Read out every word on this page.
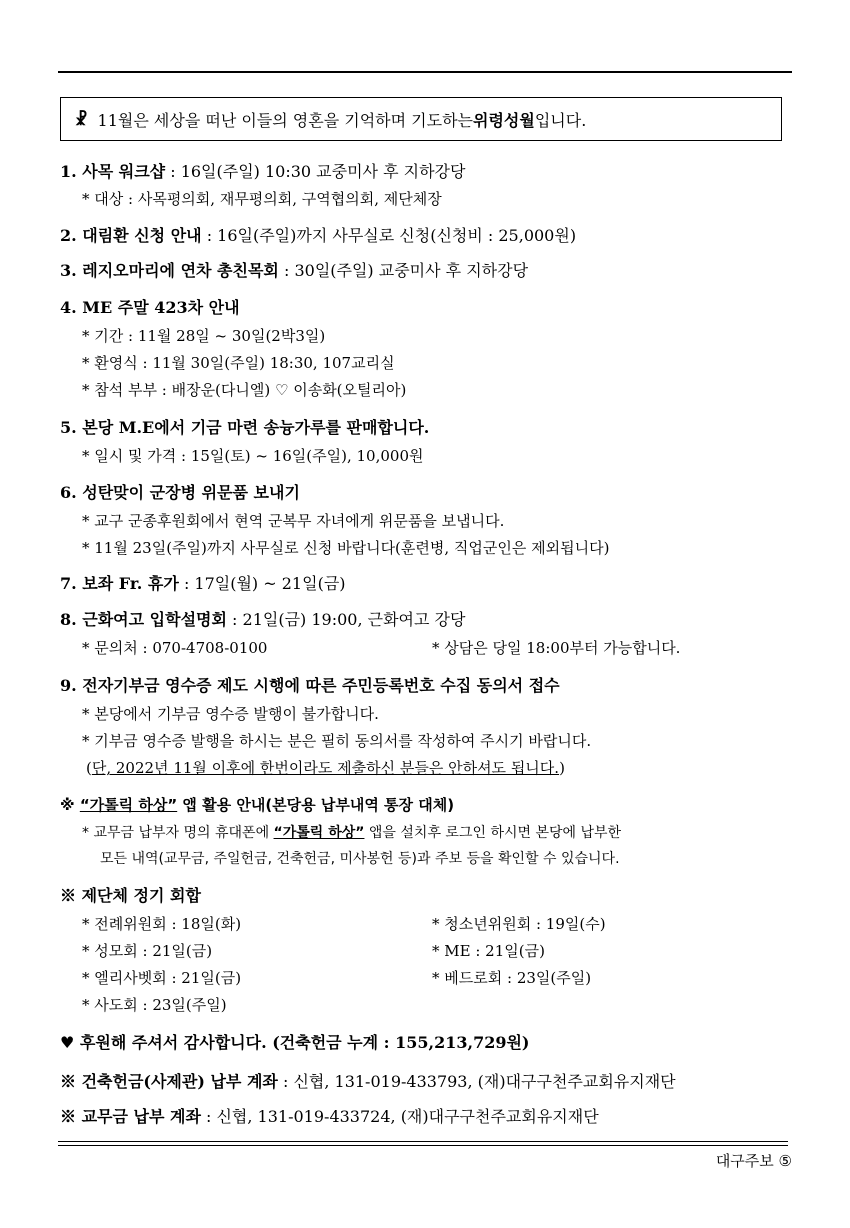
☧ 11월은 세상을 떠난 이들의 영혼을 기억하며 기도하는 위령성월 입니다.
1. 사목 워크샵 : 16일(주일) 10:30 교중미사 후 지하강당
* 대상 : 사목평의회, 재무평의회, 구역협의회, 제단체장
2. 대림환 신청 안내 : 16일(주일)까지 사무실로 신청(신청비 : 25,000원)
3. 레지오마리에 연차 총친목회 : 30일(주일) 교중미사 후 지하강당
4. ME 주말 423차 안내
* 기간 : 11월 28일 ~ 30일(2박3일)
* 환영식 : 11월 30일(주일) 18:30, 107교리실
* 참석 부부 : 배장운(다니엘) ♡ 이송화(오틸리아)
5. 본당 M.E에서 기금 마련 송늉가루를 판매합니다.
* 일시 및 가격 : 15일(토) ~ 16일(주일), 10,000원
6. 성탄맞이 군장병 위문품 보내기
* 교구 군종후원회에서 현역 군복무 자녀에게 위문품을 보냅니다.
* 11월 23일(주일)까지 사무실로 신청 바랍니다(훈련병, 직업군인은 제외됩니다)
7. 보좌 Fr. 휴가 : 17일(월) ~ 21일(금)
8. 근화여고 입학설명회 : 21일(금) 19:00, 근화여고 강당
* 문의처 : 070-4708-0100	* 상담은 당일 18:00부터 가능합니다.
9. 전자기부금 영수증 제도 시행에 따른 주민등록번호 수집 동의서 접수
* 본당에서 기부금 영수증 발행이 불가합니다.
* 기부금 영수증 발행을 하시는 분은 필히 동의서를 작성하여 주시기 바랍니다.
(단, 2022년 11월 이후에 한번이라도 제출하신 분들은 안하셔도 됩니다.)
※ “가톨릭 하상” 앱 활용 안내(본당용 납부내역 통장 대체)
* 교무금 납부자 명의 휴대폰에 “가톨릭 하상” 앱을 설치후 로그인 하시면 본당에 납부한
모든 내역(교무금, 주일헌금, 건축헌금, 미사봉헌 등)과 주보 등을 확인할 수 있습니다.
※ 제단체 정기 회합
* 전례위원회 : 18일(화)
* 성모회 : 21일(금)
* 엘리사벳회 : 21일(금)
* 사도회 : 23일(주일)
* 청소년위원회 : 19일(수)
* ME : 21일(금)
* 베드로회 : 23일(주일)
♥ 후원해 주셔서 감사합니다. (건축헌금 누계 : 155,213,729원)
※ 건축헌금(사제관) 납부 계좌 : 신협, 131-019-433793, (재)대구구천주교회유지재단
※ 교무금 납부 계좌 : 신협, 131-019-433724, (재)대구구천주교회유지재단
대구주보 ⑤
